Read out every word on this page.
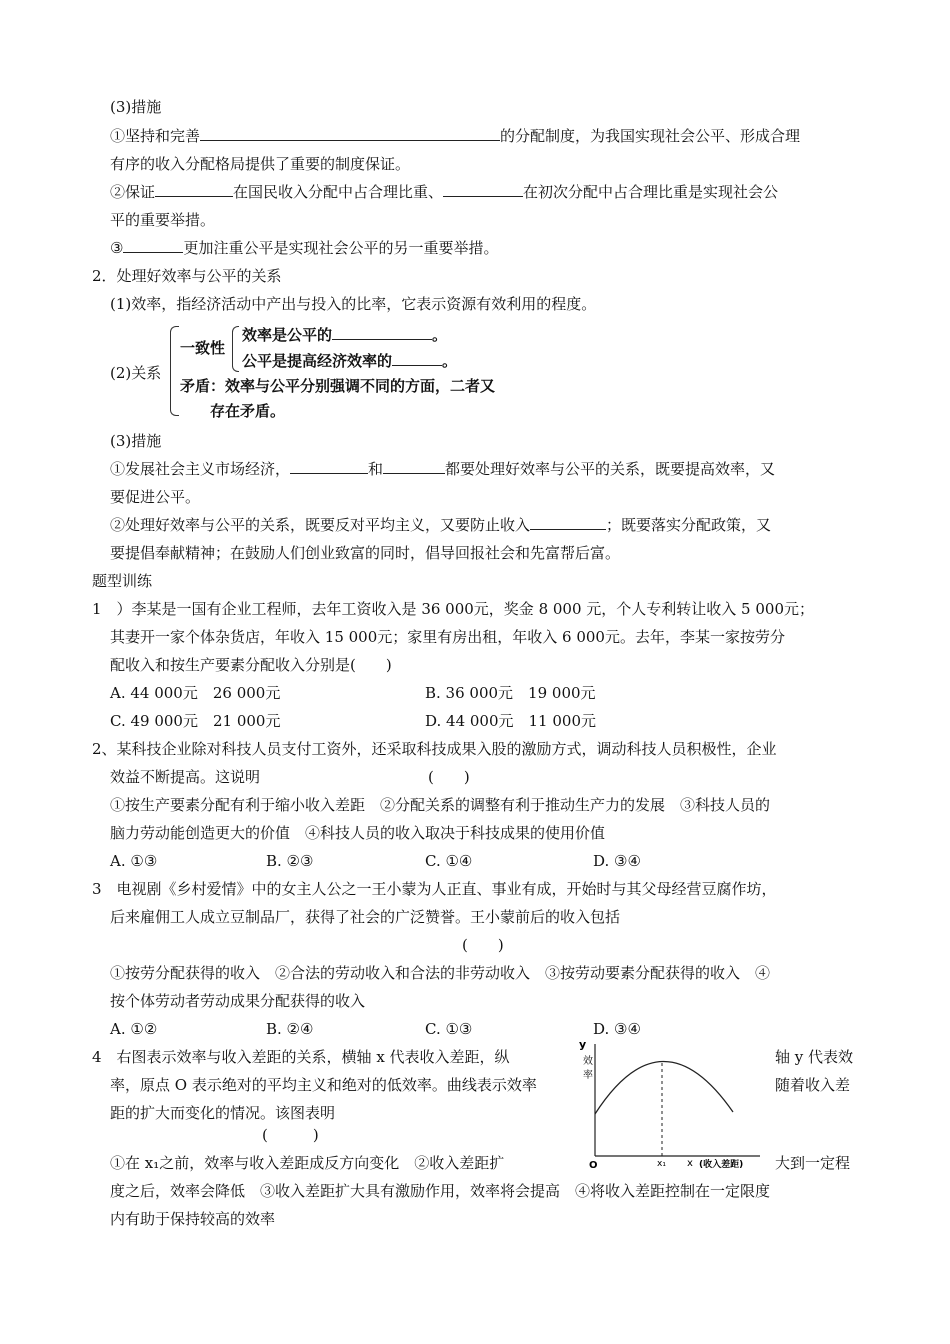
(3)措施
①坚持和完善	的分配制度，为我国实现社会公平、形成合理
有序的收入分配格局提供了重要的制度保证。
②保证	在国民收入分配中占合理比重、	在初次分配中占合理比重是实现社会公
平的重要举措。
③	更加注重公平是实现社会公平的另一重要举措。
2．处理好效率与公平的关系
(1)效率，指经济活动中产出与投入的比率，它表示资源有效利用的程度。
(2)关系
一致性
效率是公平的	。
公平是提高经济效率的	。
矛盾：效率与公平分别强调不同的方面，二者又
存在矛盾。
(3)措施
①发展社会主义市场经济，	和	都要处理好效率与公平的关系，既要提高效率，又
要促进公平。
②处理好效率与公平的关系，既要反对平均主义，又要防止收入	；既要落实分配政策，又
要提倡奉献精神；在鼓励人们创业致富的同时，倡导回报社会和先富帮后富。
题型训练
1　）李某是一国有企业工程师，去年工资收入是 36 000元，奖金 8 000 元，个人专利转让收入 5 000元；
其妻开一家个体杂货店，年收入 15 000元；家里有房出租，年收入 6 000元。去年，李某一家按劳分
配收入和按生产要素分配收入分别是(　　)
A. 44 000元　26 000元	B. 36 000元　19 000元
C. 49 000元　21 000元	D. 44 000元　11 000元
2、某科技企业除对科技人员支付工资外，还采取科技成果入股的激励方式，调动科技人员积极性，企业
效益不断提高。这说明	(　　)
①按生产要素分配有利于缩小收入差距　②分配关系的调整有利于推动生产力的发展　③科技人员的
脑力劳动能创造更大的价值　④科技人员的收入取决于科技成果的使用价值
A. ①③	B. ②③	C. ①④	D. ③④
3　电视剧《乡村爱情》中的女主人公之一王小蒙为人正直、事业有成，开始时与其父母经营豆腐作坊，
后来雇佣工人成立豆制品厂，获得了社会的广泛赞誉。王小蒙前后的收入包括
(　　)
①按劳分配获得的收入　②合法的劳动收入和合法的非劳动收入　③按劳动要素分配获得的收入　④
按个体劳动者劳动成果分配获得的收入
A. ①②	B. ②④	C. ①③	D. ③④
4　右图表示效率与收入差距的关系，横轴 x 代表收入差距，纵	轴 y 代表效
率，原点 O 表示绝对的平均主义和绝对的低效率。曲线表示效率	随着收入差
距的扩大而变化的情况。该图表明
(　　　)
①在 x₁之前，效率与收入差距成反方向变化　②收入差距扩	大到一定程
度之后，效率会降低　③收入差距扩大具有激励作用，效率将会提高　④将收入差距控制在一定限度
内有助于保持较高的效率
y
效
率
O	x₁ x (收入差距)
